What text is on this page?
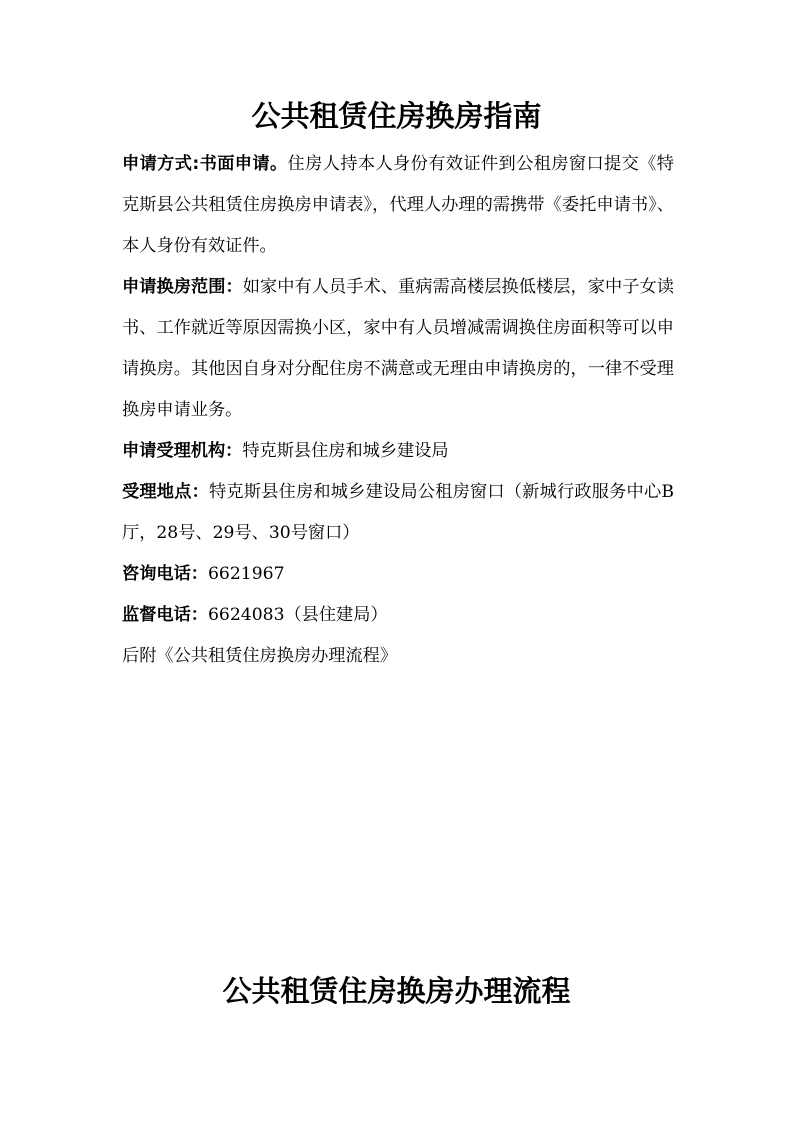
公共租赁住房换房指南

申请方式:书面申请。住房人持本人身份有效证件到公租房窗口提交《特克斯县公共租赁住房换房申请表》，代理人办理的需携带《委托申请书》、本人身份有效证件。

申请换房范围：如家中有人员手术、重病需高楼层换低楼层，家中子女读书、工作就近等原因需换小区，家中有人员增减需调换住房面积等可以申请换房。其他因自身对分配住房不满意或无理由申请换房的，一律不受理换房申请业务。

申请受理机构：特克斯县住房和城乡建设局

受理地点：特克斯县住房和城乡建设局公租房窗口（新城行政服务中心B厅，28号、29号、30号窗口）

咨询电话：6621967

监督电话：6624083（县住建局）

后附《公共租赁住房换房办理流程》

公共租赁住房换房办理流程
